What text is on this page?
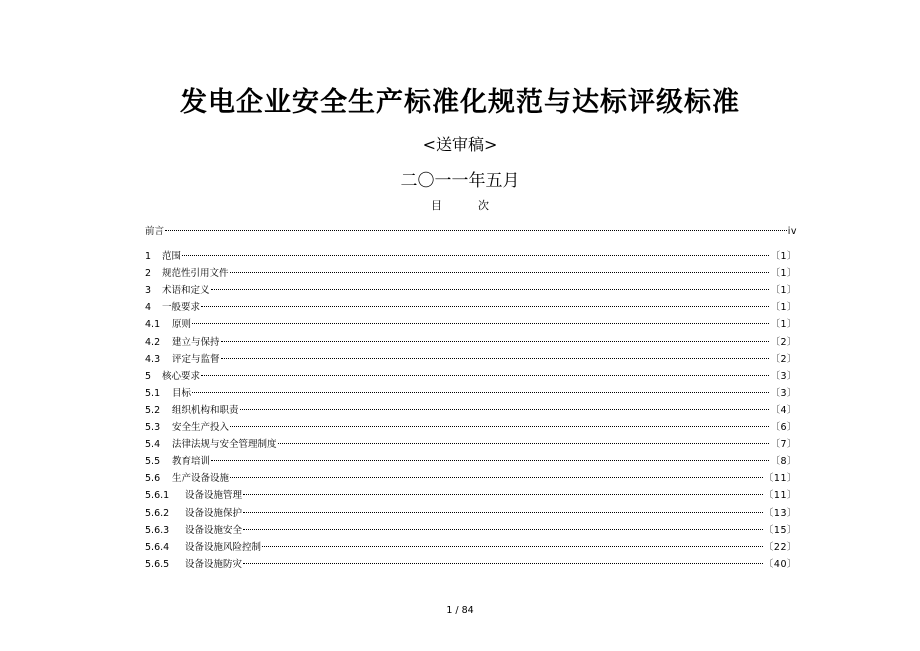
发电企业安全生产标准化规范与达标评级标准
<送审稿>
二〇一一年五月
目次
前言	iv
1	范围	〔1〕
2	规范性引用文件	〔1〕
3	术语和定义	〔1〕
4	一般要求	〔1〕
4.1	原则	〔1〕
4.2	建立与保持	〔2〕
4.3	评定与监督	〔2〕
5	核心要求	〔3〕
5.1	目标	〔3〕
5.2	组织机构和职责	〔4〕
5.3	安全生产投入	〔6〕
5.4	法律法规与安全管理制度	〔7〕
5.5	教育培训	〔8〕
5.6	生产设备设施	〔11〕
5.6.1	设备设施管理	〔11〕
5.6.2	设备设施保护	〔13〕
5.6.3	设备设施安全	〔15〕
5.6.4	设备设施风险控制	〔22〕
5.6.5	设备设施防灾	〔40〕
1 / 84
